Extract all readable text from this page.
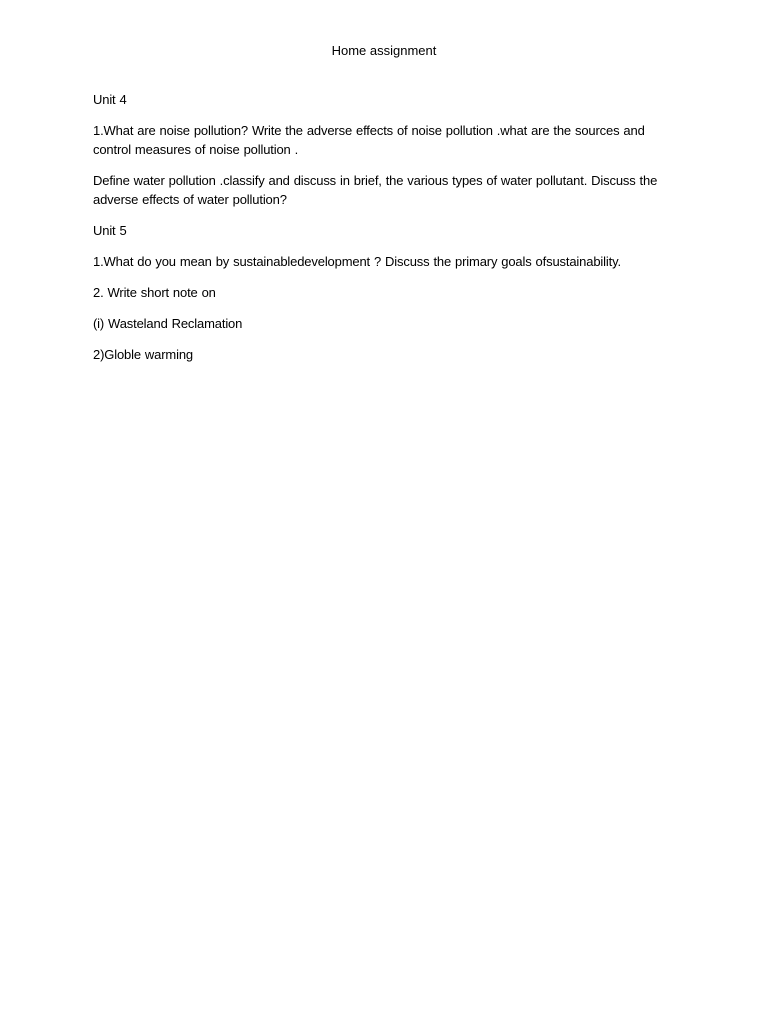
Home assignment

Unit 4

1.What are noise pollution? Write the adverse effects of noise pollution .what are the sources and control measures of noise pollution .

Define water pollution .classify and discuss in brief, the various types of water pollutant. Discuss the adverse effects of water pollution?

Unit 5

1.What do you mean by sustainabledevelopment ? Discuss the primary goals ofsustainability.

2. Write short note on

(i) Wasteland Reclamation

2)Globle warming
